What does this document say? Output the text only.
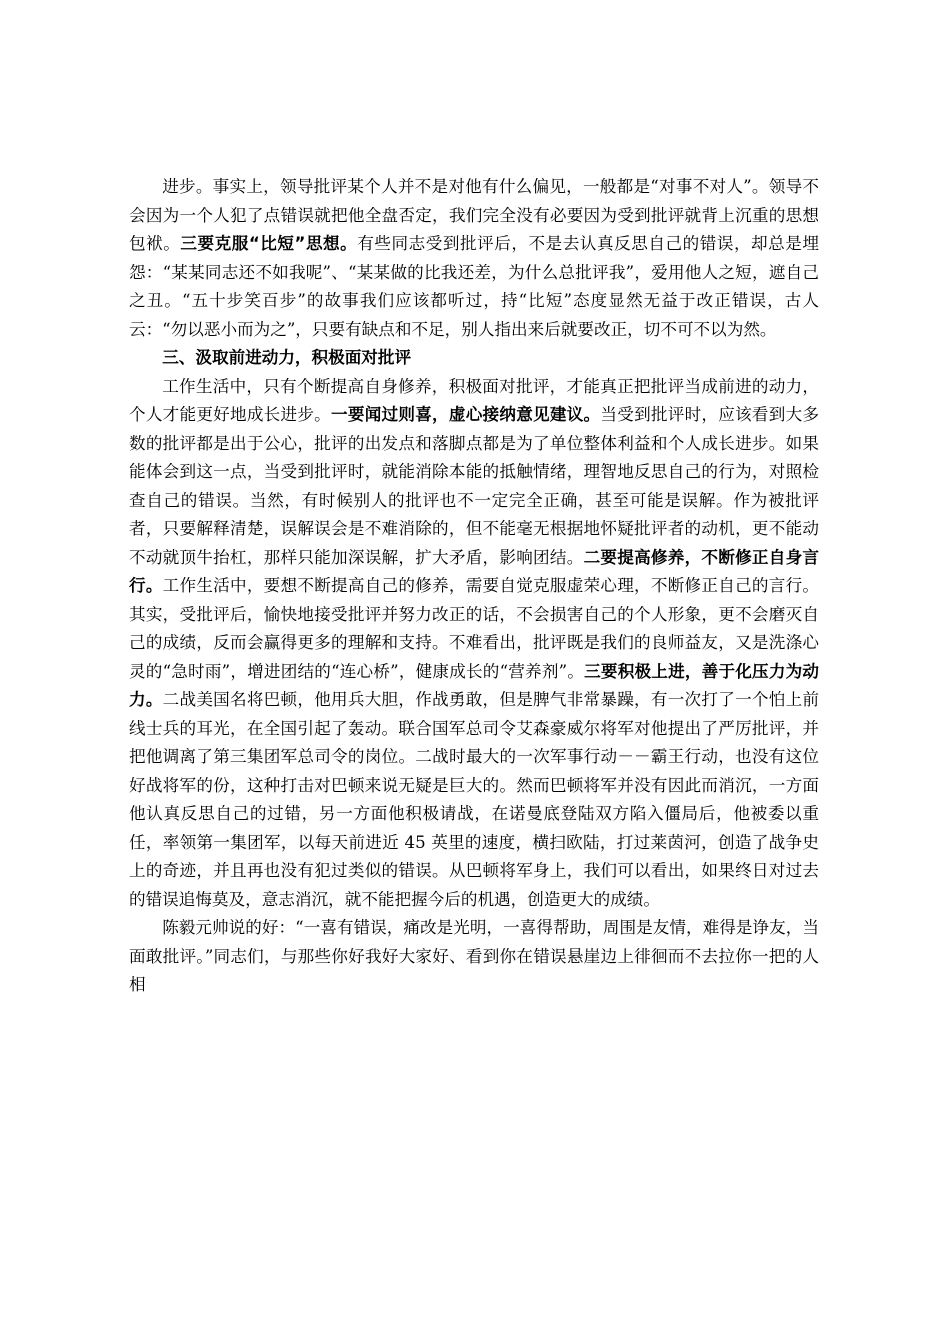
进步。事实上，领导批评某个人并不是对他有什么偏见，一般都是“对事不对人”。领导不会因为一个人犯了点错误就把他全盘否定，我们完全没有必要因为受到批评就背上沉重的思想包袱。三要克服“比短”思想。有些同志受到批评后，不是去认真反思自己的错误，却总是埋怨：“某某同志还不如我呢”、“某某做的比我还差，为什么总批评我”，爱用他人之短，遮自己之丑。“五十步笑百步”的故事我们应该都听过，持“比短”态度显然无益于改正错误，古人云：“勿以恶小而为之”，只要有缺点和不足，别人指出来后就要改正，切不可不以为然。

三、汲取前进动力，积极面对批评

工作生活中，只有个断提高自身修养，积极面对批评，才能真正把批评当成前进的动力，个人才能更好地成长进步。一要闻过则喜，虚心接纳意见建议。当受到批评时，应该看到大多数的批评都是出于公心，批评的出发点和落脚点都是为了单位整体利益和个人成长进步。如果能体会到这一点，当受到批评时，就能消除本能的抵触情绪，理智地反思自己的行为，对照检查自己的错误。当然，有时候别人的批评也不一定完全正确，甚至可能是误解。作为被批评者，只要解释清楚，误解误会是不难消除的，但不能毫无根据地怀疑批评者的动机，更不能动不动就顶牛抬杠，那样只能加深误解，扩大矛盾，影响团结。二要提高修养，不断修正自身言行。工作生活中，要想不断提高自己的修养，需要自觉克服虚荣心理，不断修正自己的言行。其实，受批评后，愉快地接受批评并努力改正的话，不会损害自己的个人形象，更不会磨灭自己的成绩，反而会赢得更多的理解和支持。不难看出，批评既是我们的良师益友，又是洗涤心灵的“急时雨”，增进团结的“连心桥”，健康成长的“营养剂”。三要积极上进，善于化压力为动力。二战美国名将巴顿，他用兵大胆，作战勇敢，但是脾气非常暴躁，有一次打了一个怕上前线士兵的耳光，在全国引起了轰动。联合国军总司令艾森豪威尔将军对他提出了严厉批评，并把他调离了第三集团军总司令的岗位。二战时最大的一次军事行动－－霸王行动，也没有这位好战将军的份，这种打击对巴顿来说无疑是巨大的。然而巴顿将军并没有因此而消沉，一方面他认真反思自己的过错，另一方面他积极请战，在诺曼底登陆双方陷入僵局后，他被委以重任，率领第一集团军，以每天前进近 45 英里的速度，横扫欧陆，打过莱茵河，创造了战争史上的奇迹，并且再也没有犯过类似的错误。从巴顿将军身上，我们可以看出，如果终日对过去的错误追悔莫及，意志消沉，就不能把握今后的机遇，创造更大的成绩。

陈毅元帅说的好：“一喜有错误，痛改是光明，一喜得帮助，周围是友情，难得是诤友，当面敢批评。”同志们，与那些你好我好大家好、看到你在错误悬崖边上徘徊而不去拉你一把的人相
